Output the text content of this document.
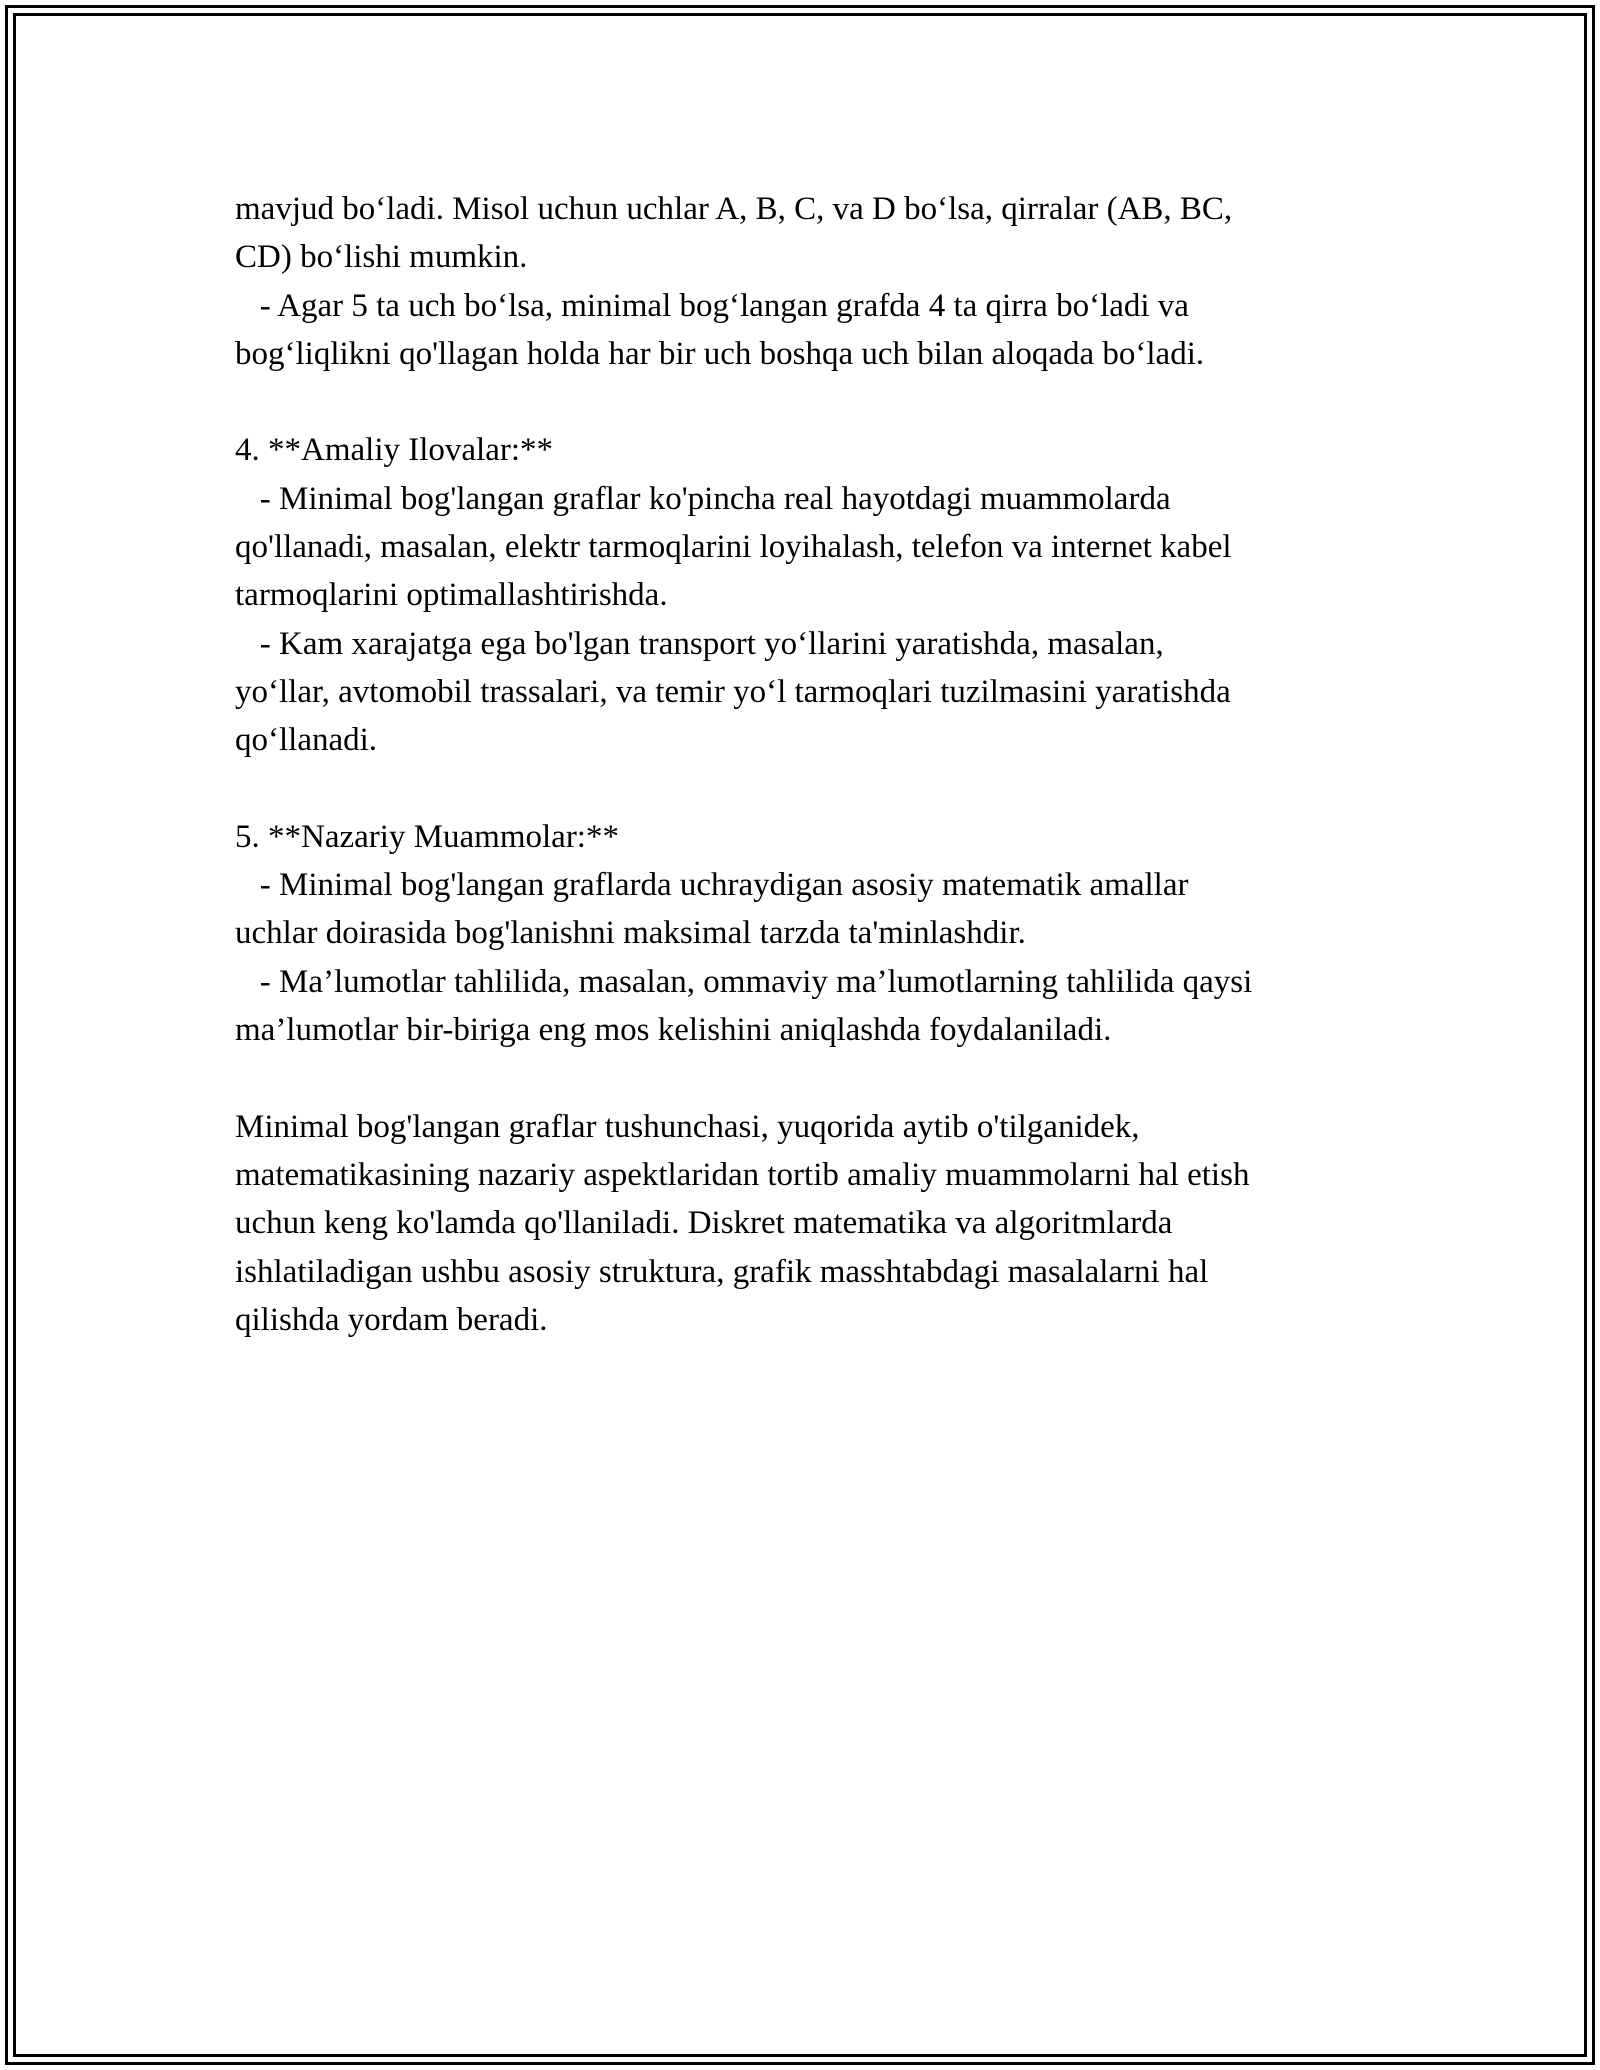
mavjud bo‘ladi. Misol uchun uchlar A, B, C, va D bo‘lsa, qirralar (AB, BC,

CD) bo‘lishi mumkin.

- Agar 5 ta uch bo‘lsa, minimal bog‘langan grafda 4 ta qirra bo‘ladi va

bog‘liqlikni qo'llagan holda har bir uch boshqa uch bilan aloqada bo‘ladi.

4. **Amaliy Ilovalar:**

- Minimal bog'langan graflar ko'pincha real hayotdagi muammolarda

qo'llanadi, masalan, elektr tarmoqlarini loyihalash, telefon va internet kabel

tarmoqlarini optimallashtirishda.

- Kam xarajatga ega bo'lgan transport yo‘llarini yaratishda, masalan,

yo‘llar, avtomobil trassalari, va temir yo‘l tarmoqlari tuzilmasini yaratishda

qo‘llanadi.

5. **Nazariy Muammolar:**

- Minimal bog'langan graflarda uchraydigan asosiy matematik amallar

uchlar doirasida bog'lanishni maksimal tarzda ta'minlashdir.

- Ma’lumotlar tahlilida, masalan, ommaviy ma’lumotlarning tahlilida qaysi

ma’lumotlar bir-biriga eng mos kelishini aniqlashda foydalaniladi.

Minimal bog'langan graflar tushunchasi, yuqorida aytib o'tilganidek,

matematikasining nazariy aspektlaridan tortib amaliy muammolarni hal etish

uchun keng ko'lamda qo'llaniladi. Diskret matematika va algoritmlarda

ishlatiladigan ushbu asosiy struktura, grafik masshtabdagi masalalarni hal

qilishda yordam beradi.
